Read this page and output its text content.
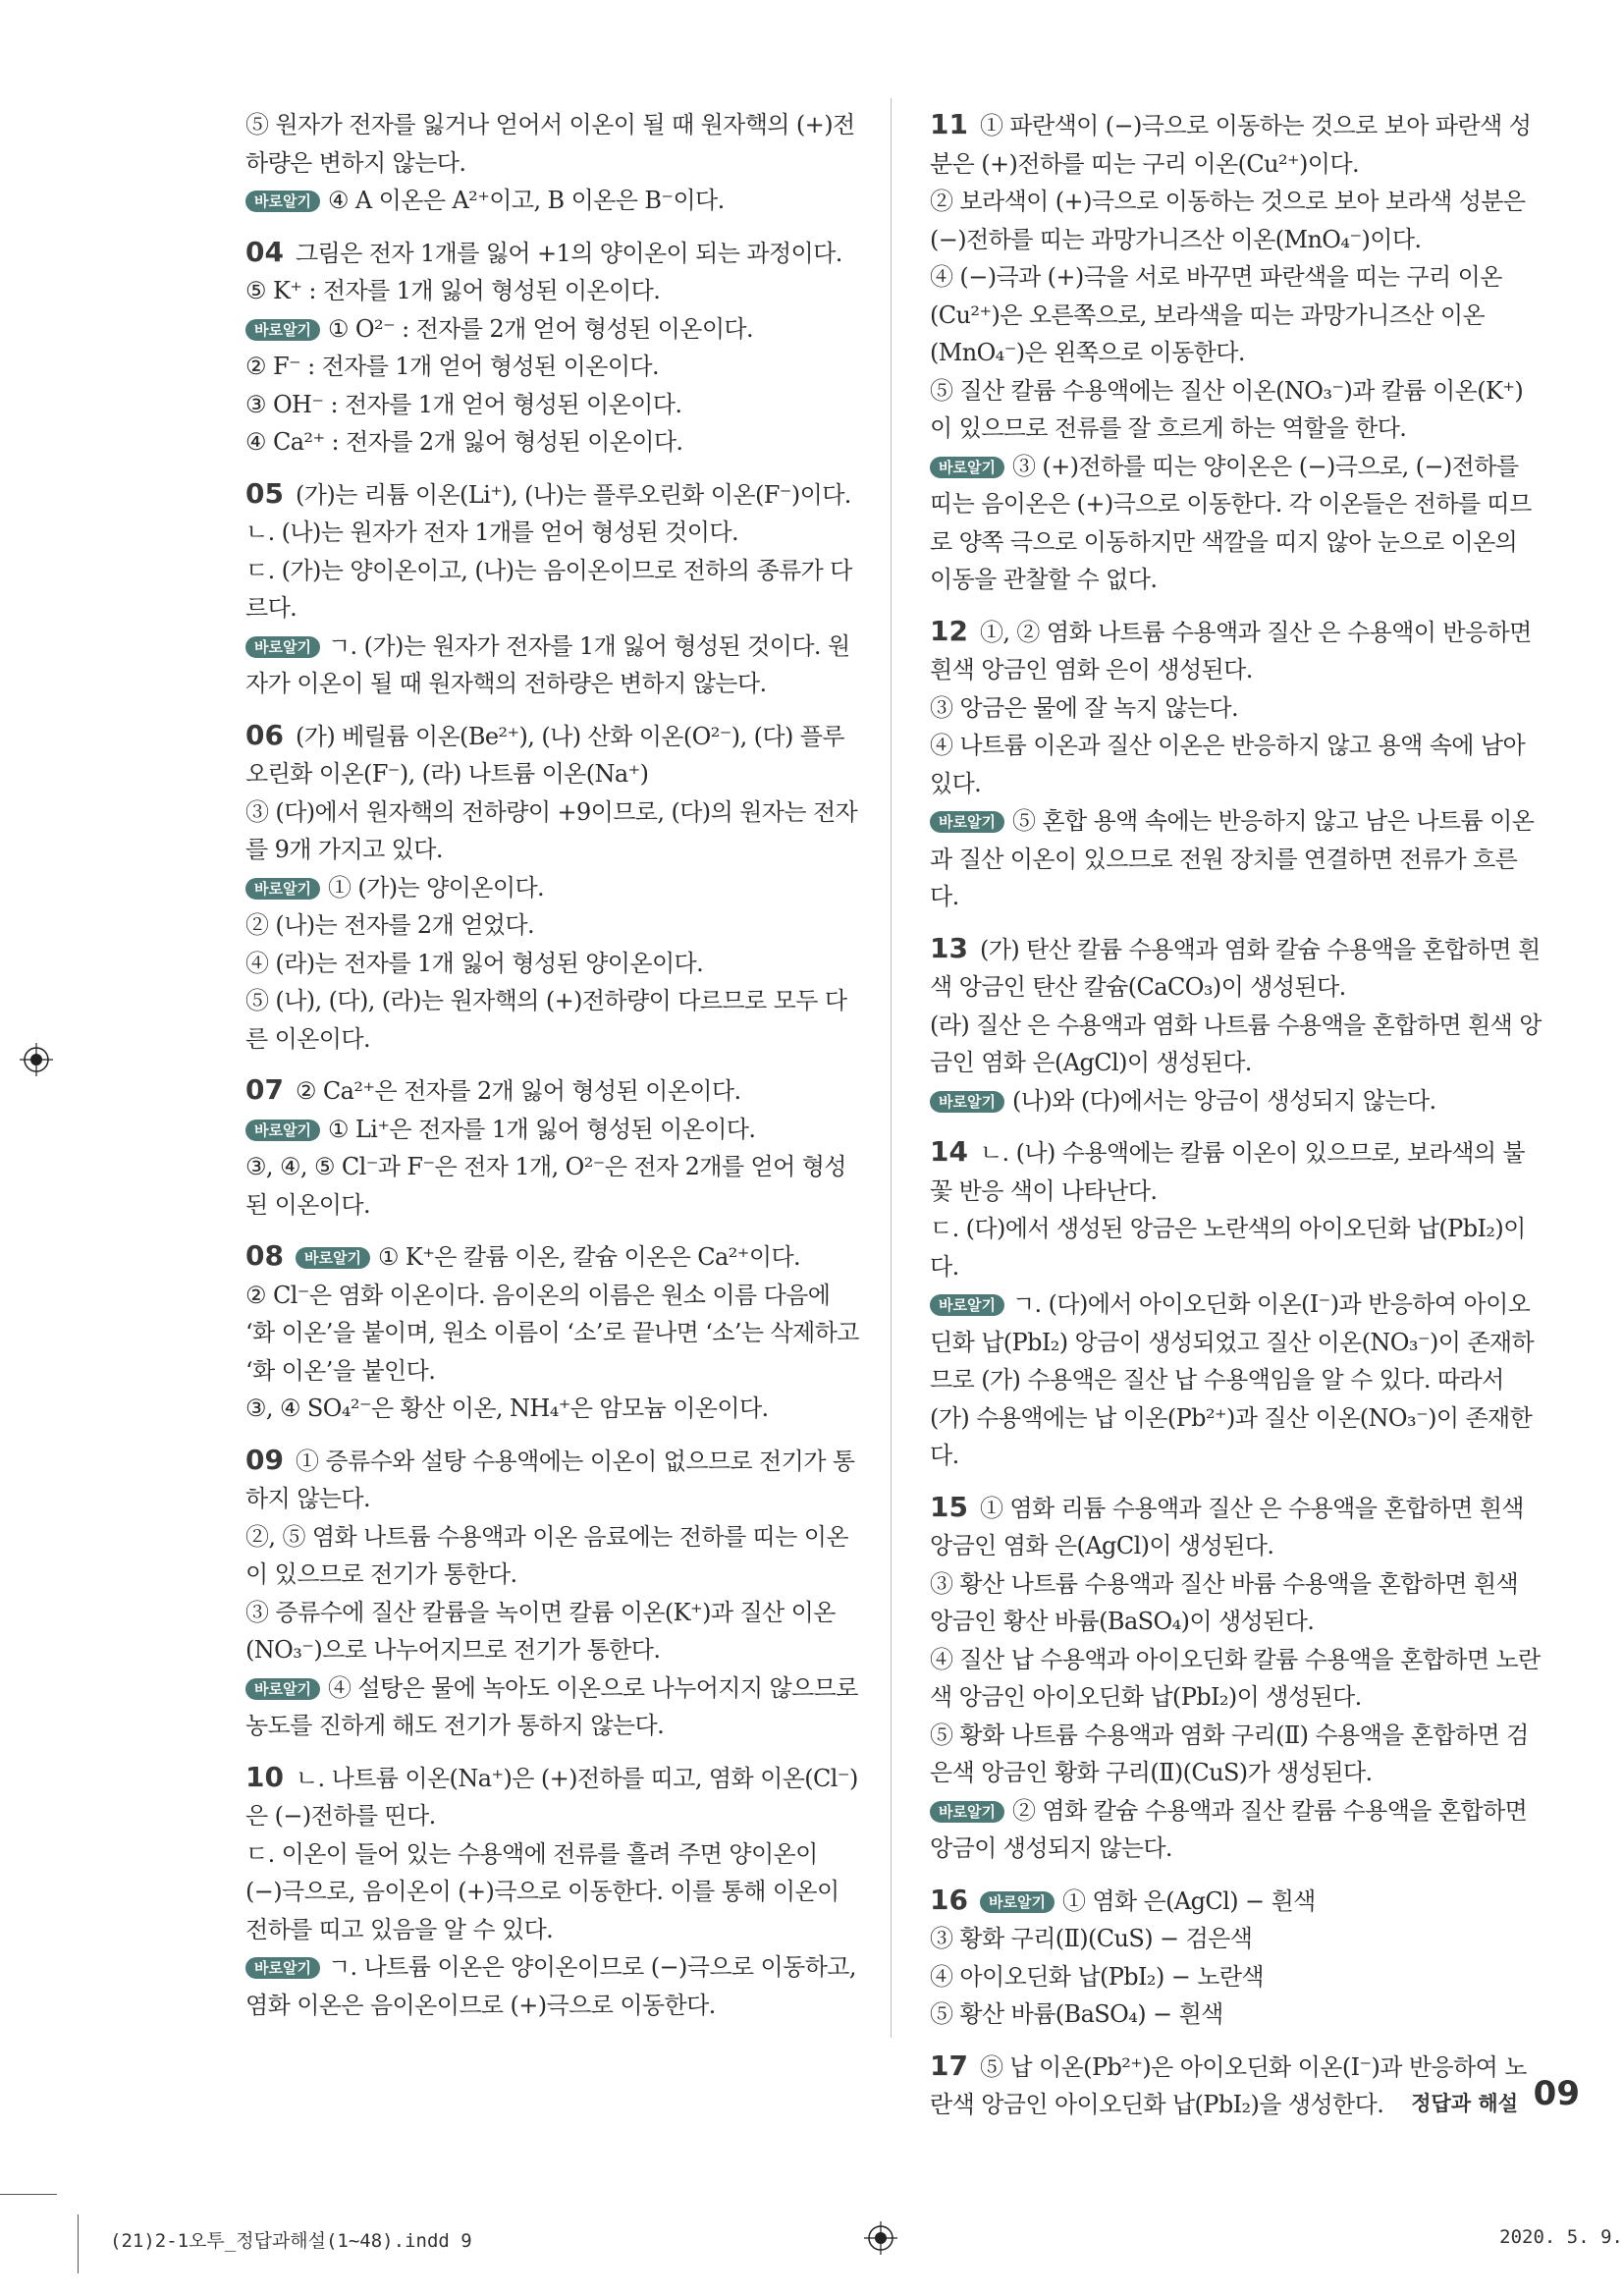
⑤ 원자가 전자를 잃거나 얻어서 이온이 될 때 원자핵의 (+)전하량은 변하지 않는다.

바로알기 ④ A 이온은 A²⁺이고, B 이온은 B⁻이다.

04 그림은 전자 1개를 잃어 +1의 양이온이 되는 과정이다.

⑤ K⁺ : 전자를 1개 잃어 형성된 이온이다.

바로알기 ① O²⁻ : 전자를 2개 얻어 형성된 이온이다.

② F⁻ : 전자를 1개 얻어 형성된 이온이다.

③ OH⁻ : 전자를 1개 얻어 형성된 이온이다.

④ Ca²⁺ : 전자를 2개 잃어 형성된 이온이다.

05 (가)는 리튬 이온(Li⁺), (나)는 플루오린화 이온(F⁻)이다.

ㄴ. (나)는 원자가 전자 1개를 얻어 형성된 것이다.

ㄷ. (가)는 양이온이고, (나)는 음이온이므로 전하의 종류가 다르다.

바로알기 ㄱ. (가)는 원자가 전자를 1개 잃어 형성된 것이다. 원자가 이온이 될 때 원자핵의 전하량은 변하지 않는다.

06 (가) 베릴륨 이온(Be²⁺), (나) 산화 이온(O²⁻), (다) 플루오린화 이온(F⁻), (라) 나트륨 이온(Na⁺)

③ (다)에서 원자핵의 전하량이 +9이므로, (다)의 원자는 전자를 9개 가지고 있다.

바로알기 ① (가)는 양이온이다.

② (나)는 전자를 2개 얻었다.

④ (라)는 전자를 1개 잃어 형성된 양이온이다.

⑤ (나), (다), (라)는 원자핵의 (+)전하량이 다르므로 모두 다른 이온이다.

07 ② Ca²⁺은 전자를 2개 잃어 형성된 이온이다.

바로알기 ① Li⁺은 전자를 1개 잃어 형성된 이온이다.

③, ④, ⑤ Cl⁻과 F⁻은 전자 1개, O²⁻은 전자 2개를 얻어 형성된 이온이다.

08 바로알기 ① K⁺은 칼륨 이온, 칼슘 이온은 Ca²⁺이다.

② Cl⁻은 염화 이온이다. 음이온의 이름은 원소 이름 다음에 ‘화 이온’을 붙이며, 원소 이름이 ‘소’로 끝나면 ‘소’는 삭제하고 ‘화 이온’을 붙인다.

③, ④ SO₄²⁻은 황산 이온, NH₄⁺은 암모늄 이온이다.

09 ① 증류수와 설탕 수용액에는 이온이 없으므로 전기가 통하지 않는다.

②, ⑤ 염화 나트륨 수용액과 이온 음료에는 전하를 띠는 이온이 있으므로 전기가 통한다.

③ 증류수에 질산 칼륨을 녹이면 칼륨 이온(K⁺)과 질산 이온(NO₃⁻)으로 나누어지므로 전기가 통한다.

바로알기 ④ 설탕은 물에 녹아도 이온으로 나누어지지 않으므로 농도를 진하게 해도 전기가 통하지 않는다.

10 ㄴ. 나트륨 이온(Na⁺)은 (+)전하를 띠고, 염화 이온(Cl⁻)은 (−)전하를 띤다.

ㄷ. 이온이 들어 있는 수용액에 전류를 흘려 주면 양이온이 (−)극으로, 음이온이 (+)극으로 이동한다. 이를 통해 이온이 전하를 띠고 있음을 알 수 있다.

바로알기 ㄱ. 나트륨 이온은 양이온이므로 (−)극으로 이동하고, 염화 이온은 음이온이므로 (+)극으로 이동한다.

11 ① 파란색이 (−)극으로 이동하는 것으로 보아 파란색 성분은 (+)전하를 띠는 구리 이온(Cu²⁺)이다.

② 보라색이 (+)극으로 이동하는 것으로 보아 보라색 성분은 (−)전하를 띠는 과망가니즈산 이온(MnO₄⁻)이다.

④ (−)극과 (+)극을 서로 바꾸면 파란색을 띠는 구리 이온(Cu²⁺)은 오른쪽으로, 보라색을 띠는 과망가니즈산 이온(MnO₄⁻)은 왼쪽으로 이동한다.

⑤ 질산 칼륨 수용액에는 질산 이온(NO₃⁻)과 칼륨 이온(K⁺)이 있으므로 전류를 잘 흐르게 하는 역할을 한다.

바로알기 ③ (+)전하를 띠는 양이온은 (−)극으로, (−)전하를 띠는 음이온은 (+)극으로 이동한다. 각 이온들은 전하를 띠므로 양쪽 극으로 이동하지만 색깔을 띠지 않아 눈으로 이온의 이동을 관찰할 수 없다.

12 ①, ② 염화 나트륨 수용액과 질산 은 수용액이 반응하면 흰색 앙금인 염화 은이 생성된다.

③ 앙금은 물에 잘 녹지 않는다.

④ 나트륨 이온과 질산 이온은 반응하지 않고 용액 속에 남아 있다.

바로알기 ⑤ 혼합 용액 속에는 반응하지 않고 남은 나트륨 이온과 질산 이온이 있으므로 전원 장치를 연결하면 전류가 흐른다.

13 (가) 탄산 칼륨 수용액과 염화 칼슘 수용액을 혼합하면 흰색 앙금인 탄산 칼슘(CaCO₃)이 생성된다.

(라) 질산 은 수용액과 염화 나트륨 수용액을 혼합하면 흰색 앙금인 염화 은(AgCl)이 생성된다.

바로알기 (나)와 (다)에서는 앙금이 생성되지 않는다.

14 ㄴ. (나) 수용액에는 칼륨 이온이 있으므로, 보라색의 불꽃 반응 색이 나타난다.

ㄷ. (다)에서 생성된 앙금은 노란색의 아이오딘화 납(PbI₂)이다.

바로알기 ㄱ. (다)에서 아이오딘화 이온(I⁻)과 반응하여 아이오딘화 납(PbI₂) 앙금이 생성되었고 질산 이온(NO₃⁻)이 존재하므로 (가) 수용액은 질산 납 수용액임을 알 수 있다. 따라서 (가) 수용액에는 납 이온(Pb²⁺)과 질산 이온(NO₃⁻)이 존재한다.

15 ① 염화 리튬 수용액과 질산 은 수용액을 혼합하면 흰색 앙금인 염화 은(AgCl)이 생성된다.

③ 황산 나트륨 수용액과 질산 바륨 수용액을 혼합하면 흰색 앙금인 황산 바륨(BaSO₄)이 생성된다.

④ 질산 납 수용액과 아이오딘화 칼륨 수용액을 혼합하면 노란색 앙금인 아이오딘화 납(PbI₂)이 생성된다.

⑤ 황화 나트륨 수용액과 염화 구리(Ⅱ) 수용액을 혼합하면 검은색 앙금인 황화 구리(Ⅱ)(CuS)가 생성된다.

바로알기 ② 염화 칼슘 수용액과 질산 칼륨 수용액을 혼합하면 앙금이 생성되지 않는다.

16 바로알기 ① 염화 은(AgCl) − 흰색

③ 황화 구리(Ⅱ)(CuS) − 검은색

④ 아이오딘화 납(PbI₂) − 노란색

⑤ 황산 바륨(BaSO₄) − 흰색

17 ⑤ 납 이온(Pb²⁺)은 아이오딘화 이온(I⁻)과 반응하여 노란색 앙금인 아이오딘화 납(PbI₂)을 생성한다.	정답과 해설 09
(21)2-1오투_정답과해설(1~48).indd 9	2020. 5. 9.
